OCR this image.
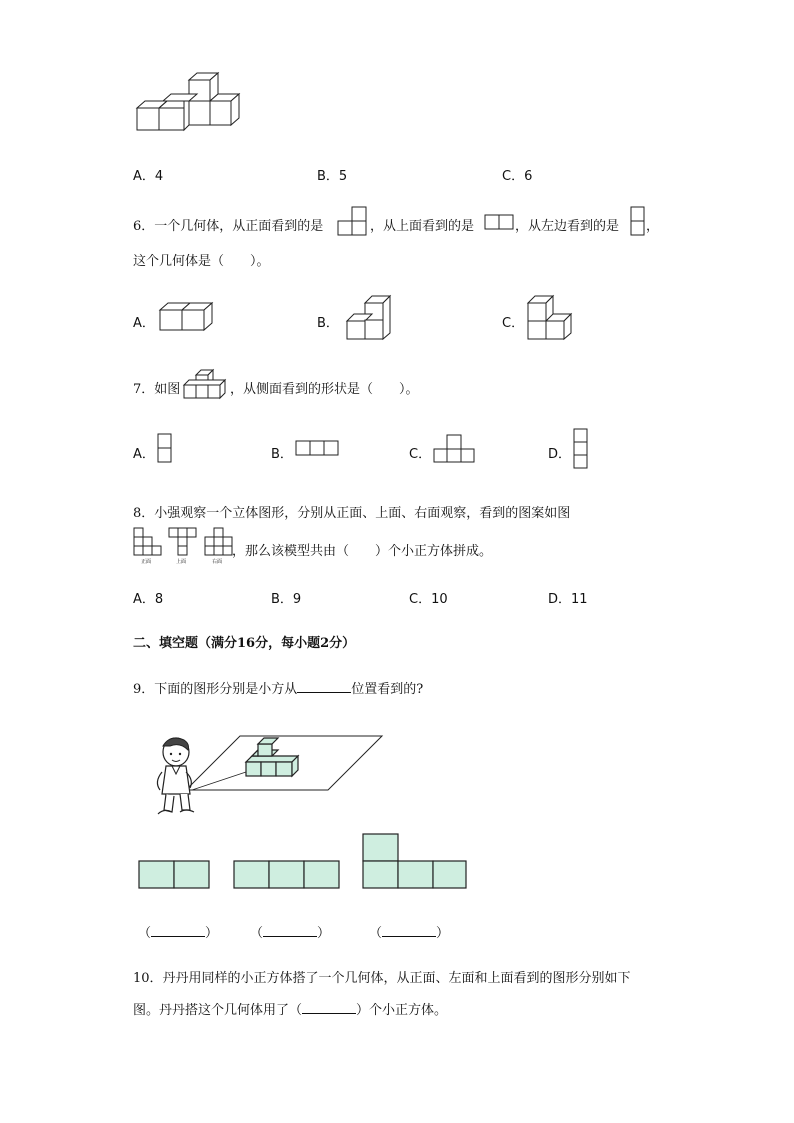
A．4	B．5	C．6
6．一个几何体，从正面看到的是	，从上面看到的是	，从左边看到的是 ，
这个几何体是（　　）。
A．	B．	C．
7．如图	，从侧面看到的形状是（　　）。
A．	B．	C．	D．
8．小强观察一个立体图形，分别从正面、上面、右面观察，看到的图案如图
正面	上面	右面
，那么该模型共由（　　）个小正方体拼成。
A．8	B．9	C．10	D．11
二、填空题（满分16分，每小题2分）
9．下面的图形分别是小方从	位置看到的?
（	） （	）	（	）
10．丹丹用同样的小正方体搭了一个几何体，从正面、左面和上面看到的图形分别如下
图。丹丹搭这个几何体用了（	）个小正方体。
